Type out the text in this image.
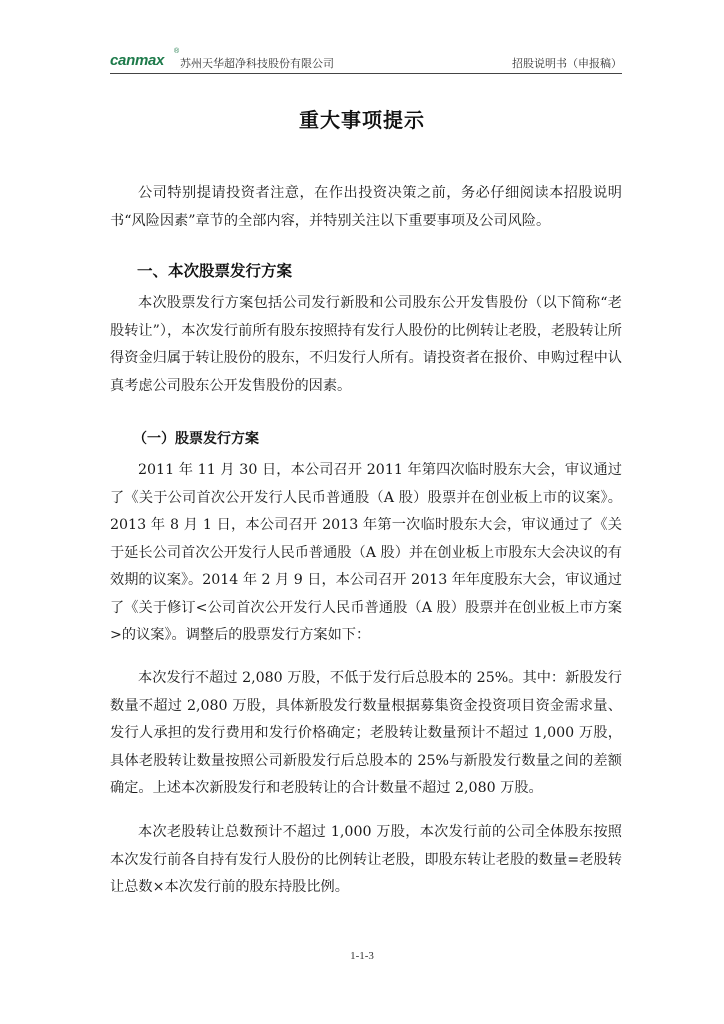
canmax
®
苏州天华超净科技股份有限公司	招股说明书（申报稿）
重大事项提示
公司特别提请投资者注意，在作出投资决策之前，务必仔细阅读本招股说明书“风险因素”章节的全部内容，并特别关注以下重要事项及公司风险。
一、本次股票发行方案
本次股票发行方案包括公司发行新股和公司股东公开发售股份（以下简称“老股转让”），本次发行前所有股东按照持有发行人股份的比例转让老股，老股转让所得资金归属于转让股份的股东，不归发行人所有。请投资者在报价、申购过程中认真考虑公司股东公开发售股份的因素。
（一）股票发行方案
2011 年 11 月 30 日，本公司召开 2011 年第四次临时股东大会，审议通过了《关于公司首次公开发行人民币普通股（A 股）股票并在创业板上市的议案》。2013 年 8 月 1 日，本公司召开 2013 年第一次临时股东大会，审议通过了《关于延长公司首次公开发行人民币普通股（A 股）并在创业板上市股东大会决议的有效期的议案》。2014 年 2 月 9 日，本公司召开 2013 年年度股东大会，审议通过了《关于修订<公司首次公开发行人民币普通股（A 股）股票并在创业板上市方案>的议案》。调整后的股票发行方案如下：
本次发行不超过 2,080 万股，不低于发行后总股本的 25%。其中：新股发行数量不超过 2,080 万股，具体新股发行数量根据募集资金投资项目资金需求量、发行人承担的发行费用和发行价格确定；老股转让数量预计不超过 1,000 万股，具体老股转让数量按照公司新股发行后总股本的 25%与新股发行数量之间的差额确定。上述本次新股发行和老股转让的合计数量不超过 2,080 万股。
本次老股转让总数预计不超过 1,000 万股，本次发行前的公司全体股东按照本次发行前各自持有发行人股份的比例转让老股，即股东转让老股的数量=老股转让总数×本次发行前的股东持股比例。
1-1-3
